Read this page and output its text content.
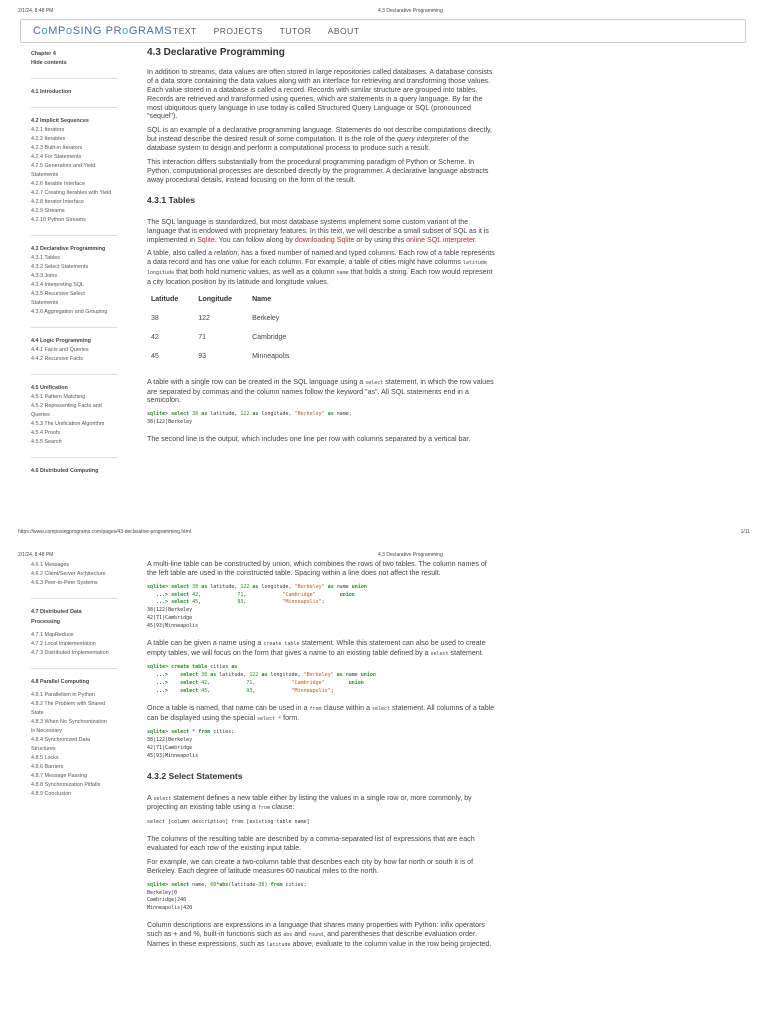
2/1/24, 8:48 PM	4.3 Declarative Programming
CoMPoSING PRoGRAMS TEXT PROJECTS TUTOR ABOUT
Chapter 4
Hide contents
4.1 Introduction
4.2 Implicit Sequences
4.2.1 Iterators
4.2.2 Iterables
4.2.3 Built-in Iterators
4.2.4 For Statements
4.2.5 Generators and Yield
Statements
4.2.6 Iterable Interface
4.2.7 Creating Iterables with Yield
4.2.8 Iterator Interface
4.2.9 Streams
4.2.10 Python Streams
4.3 Declarative Programming
4.3.1 Tables
4.3.2 Select Statements
4.3.3 Joins
4.3.4 Interpreting SQL
4.3.5 Recursive Select
Statements
4.3.6 Aggregation and Grouping
4.4 Logic Programming
4.4.1 Facts and Queries
4.4.2 Recursive Facts
4.5 Unification
4.5.1 Pattern Matching
4.5.2 Representing Facts and
Queries
4.5.3 The Unification Algorithm
4.5.4 Proofs
4.5.5 Search
4.6 Distributed Computing
4.3 Declarative Programming

In addition to streams, data values are often stored in large repositories called databases. A database consists of a data store containing the data values along with an interface for retrieving and transforming those values. Each value stored in a database is called a record. Records with similar structure are grouped into tables. Records are retrieved and transformed using queries, which are statements in a query language. By far the most ubiquitous query language in use today is called Structured Query Language or SQL (pronounced "sequel").

SQL is an example of a declarative programming language. Statements do not describe computations directly, but instead describe the desired result of some computation. It is the role of the query interpreter of the database system to design and perform a computational process to produce such a result.

This interaction differs substantially from the procedural programming paradigm of Python or Scheme. In Python, computational processes are described directly by the programmer. A declarative language abstracts away procedural details, instead focusing on the form of the result.

4.3.1 Tables

The SQL language is standardized, but most database systems implement some custom variant of the language that is endowed with proprietary features. In this text, we will describe a small subset of SQL as it is implemented in Sqlite. You can follow along by downloading Sqlite or by using this online SQL interpreter.

A table, also called a relation, has a fixed number of named and typed columns. Each row of a table represents a data record and has one value for each column. For example, a table of cities might have columns latitude longitude that both hold numeric values, as well as a column name that holds a string. Each row would represent a city location position by its latitude and longitude values.

Latitude	Longitude	Name
38	122	Berkeley
42	71	Cambridge
45	93	Minneapolis

A table with a single row can be created in the SQL language using a select statement, in which the row values are separated by commas and the column names follow the keyword "as". All SQL statements end in a semicolon.

sqlite> select 38 as latitude, 122 as longitude, "Berkeley" as name;
38|122|Berkeley

The second line is the output, which includes one line per row with columns separated by a vertical bar.

https://www.composingprograms.com/pages/43-declarative-programming.html	1/11
2/1/24, 8:48 PM	4.3 Declarative Programming
4.6.1 Messages
4.6.2 Client/Server Architecture
4.6.3 Peer-to-Peer Systems
4.7 Distributed Data
Processing
4.7.1 MapReduce
4.7.2 Local Implementation
4.7.3 Distributed Implementation
4.8 Parallel Computing
4.8.1 Parallelism in Python
4.8.2 The Problem with Shared
State
4.8.3 When No Synchronization
is Necessary
4.8.4 Synchronized Data
Structures
4.8.5 Locks
4.8.6 Barriers
4.8.7 Message Passing
4.8.8 Synchronization Pitfalls
4.8.9 Conclusion

A multi-line table can be constructed by union, which combines the rows of two tables. The column names of the left table are used in the constructed table. Spacing within a line does not affect the result.

sqlite> select 38 as latitude, 122 as longitude, "Berkeley" as name union
...> select 42,            71,            "Cambridge"	union
...> select 45,            93,            "Minneapolis";
38|122|Berkeley
42|71|Cambridge
45|93|Minneapolis

A table can be given a name using a create table statement. While this statement can also be used to create empty tables, we will focus on the form that gives a name to an existing table defined by a select statement.

sqlite> create table cities as
...> select 38 as latitude, 122 as longitude, "Berkeley" as name union
...> select 42,            71,            "Cambridge"	union
...> select 45,            93,            "Minneapolis";

Once a table is named, that name can be used in a from clause within a select statement. All columns of a table can be displayed using the special select * form.

sqlite> select * from cities;
38|122|Berkeley
42|71|Cambridge
45|93|Minneapolis
4.3.2 Select Statements

A select statement defines a new table either by listing the values in a single row or, more commonly, by projecting an existing table using a from clause:

select [column description] from [existing table name]

The columns of the resulting table are described by a comma-separated list of expressions that are each evaluated for each row of the existing input table.

For example, we can create a two-column table that describes each city by how far north or south it is of Berkeley. Each degree of latitude measures 60 nautical miles to the north.

sqlite> select name, 60*abs(latitude-38) from cities;
Berkeley|0
Cambridge|240
Minneapolis|420

Column descriptions are expressions in a language that shares many properties with Python: infix operators such as + and %, built-in functions such as abs and round, and parentheses that describe evaluation order. Names in these expressions, such as latitude above, evaluate to the column value in the row being projected.
